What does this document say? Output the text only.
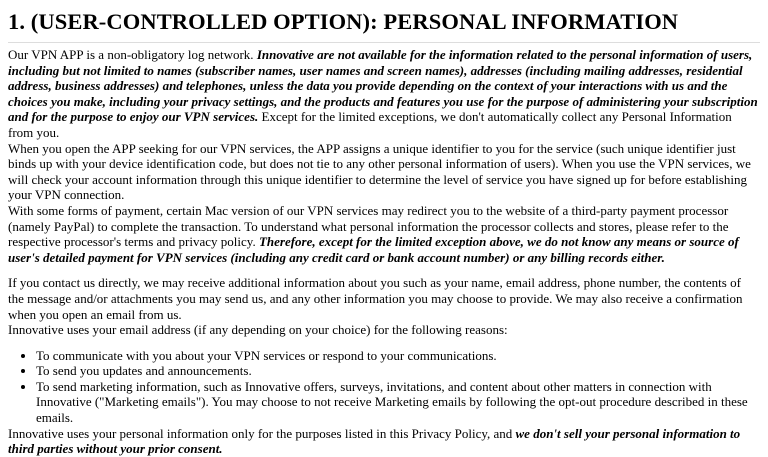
1. (USER-CONTROLLED OPTION): PERSONAL INFORMATION

Our VPN APP is a non-obligatory log network. Innovative are not available for the information related to the personal information of users, including but not limited to names (subscriber names, user names and screen names), addresses (including mailing addresses, residential address, business addresses) and telephones, unless the data you provide depending on the context of your interactions with us and the choices you make, including your privacy settings, and the products and features you use for the purpose of administering your subscription and for the purpose to enjoy our VPN services. Except for the limited exceptions, we don't automatically collect any Personal Information from you.

When you open the APP seeking for our VPN services, the APP assigns a unique identifier to you for the service (such unique identifier just binds up with your device identification code, but does not tie to any other personal information of users). When you use the VPN services, we will check your account information through this unique identifier to determine the level of service you have signed up for before establishing your VPN connection.

With some forms of payment, certain Mac version of our VPN services may redirect you to the website of a third-party payment processor (namely PayPal) to complete the transaction. To understand what personal information the processor collects and stores, please refer to the respective processor's terms and privacy policy. Therefore, except for the limited exception above, we do not know any means or source of user's detailed payment for VPN services (including any credit card or bank account number) or any billing records either.

If you contact us directly, we may receive additional information about you such as your name, email address, phone number, the contents of the message and/or attachments you may send us, and any other information you may choose to provide. We may also receive a confirmation when you open an email from us.

Innovative uses your email address (if any depending on your choice) for the following reasons:

• To communicate with you about your VPN services or respond to your communications.
• To send you updates and announcements.
• To send marketing information, such as Innovative offers, surveys, invitations, and content about other matters in connection with Innovative ("Marketing emails"). You may choose to not receive Marketing emails by following the opt-out procedure described in these emails.

Innovative uses your personal information only for the purposes listed in this Privacy Policy, and we don't sell your personal information to third parties without your prior consent.
